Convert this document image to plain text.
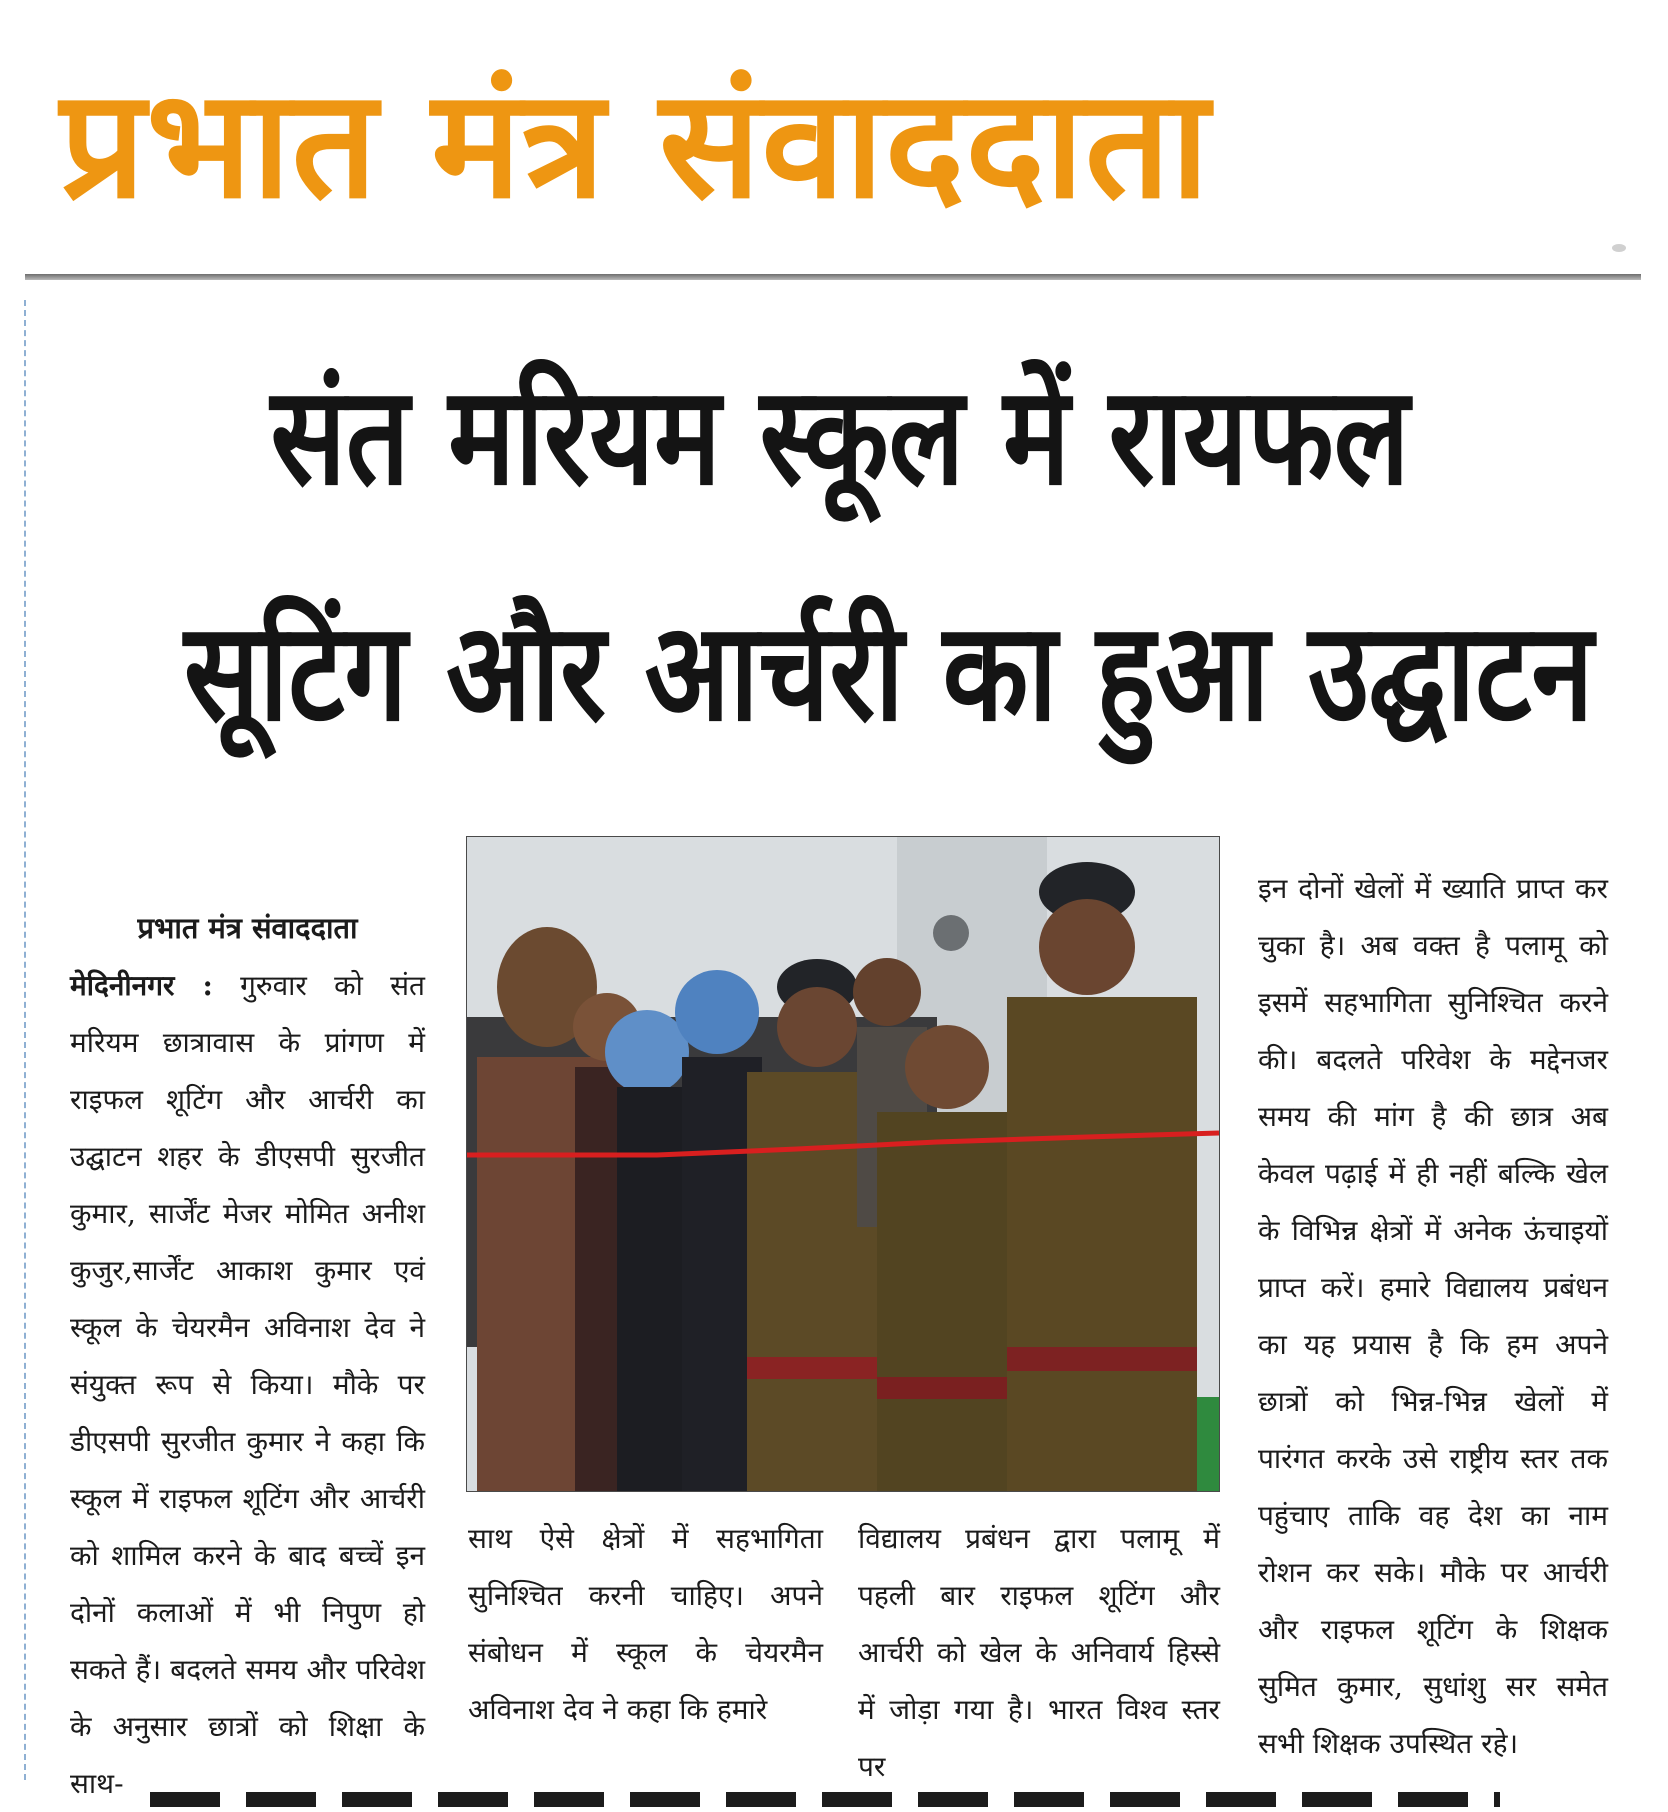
प्रभात मंत्र संवाददाता
संत मरियम स्कूल में रायफल
सूटिंग और आर्चरी का हुआ उद्घाटन

प्रभात मंत्र संवाददाता

मेदिनीनगर : गुरुवार को संत मरियम छात्रावास के प्रांगण में राइफल शूटिंग और आर्चरी का उद्घाटन शहर के डीएसपी सुरजीत कुमार, सार्जेंट मेजर मोमित अनीश कुजुर,सार्जेंट आकाश कुमार एवं स्कूल के चेयरमैन अविनाश देव ने संयुक्त रूप से किया। मौके पर डीएसपी सुरजीत कुमार ने कहा कि स्कूल में राइफल शूटिंग और आर्चरी को शामिल करने के बाद बच्चें इन दोनों कलाओं में भी निपुण हो सकते हैं। बदलते समय और परिवेश के अनुसार छात्रों को शिक्षा के साथ-

साथ ऐसे क्षेत्रों में सहभागिता सुनिश्चित करनी चाहिए। अपने संबोधन में स्कूल के चेयरमैन अविनाश देव ने कहा कि हमारे

विद्यालय प्रबंधन द्वारा पलामू में पहली बार राइफल शूटिंग और आर्चरी को खेल के अनिवार्य हिस्से में जोड़ा गया है। भारत विश्व स्तर पर

इन दोनों खेलों में ख्याति प्राप्त कर चुका है। अब वक्त है पलामू को इसमें सहभागिता सुनिश्चित करने की। बदलते परिवेश के मद्देनजर समय की मांग है की छात्र अब केवल पढ़ाई में ही नहीं बल्कि खेल के विभिन्न क्षेत्रों में अनेक ऊंचाइयों प्राप्त करें। हमारे विद्यालय प्रबंधन का यह प्रयास है कि हम अपने छात्रों को भिन्न-भिन्न खेलों में पारंगत करके उसे राष्ट्रीय स्तर तक पहुंचाए ताकि वह देश का नाम रोशन कर सके। मौके पर आर्चरी और राइफल शूटिंग के शिक्षक सुमित कुमार, सुधांशु सर समेत सभी शिक्षक उपस्थित रहे।
